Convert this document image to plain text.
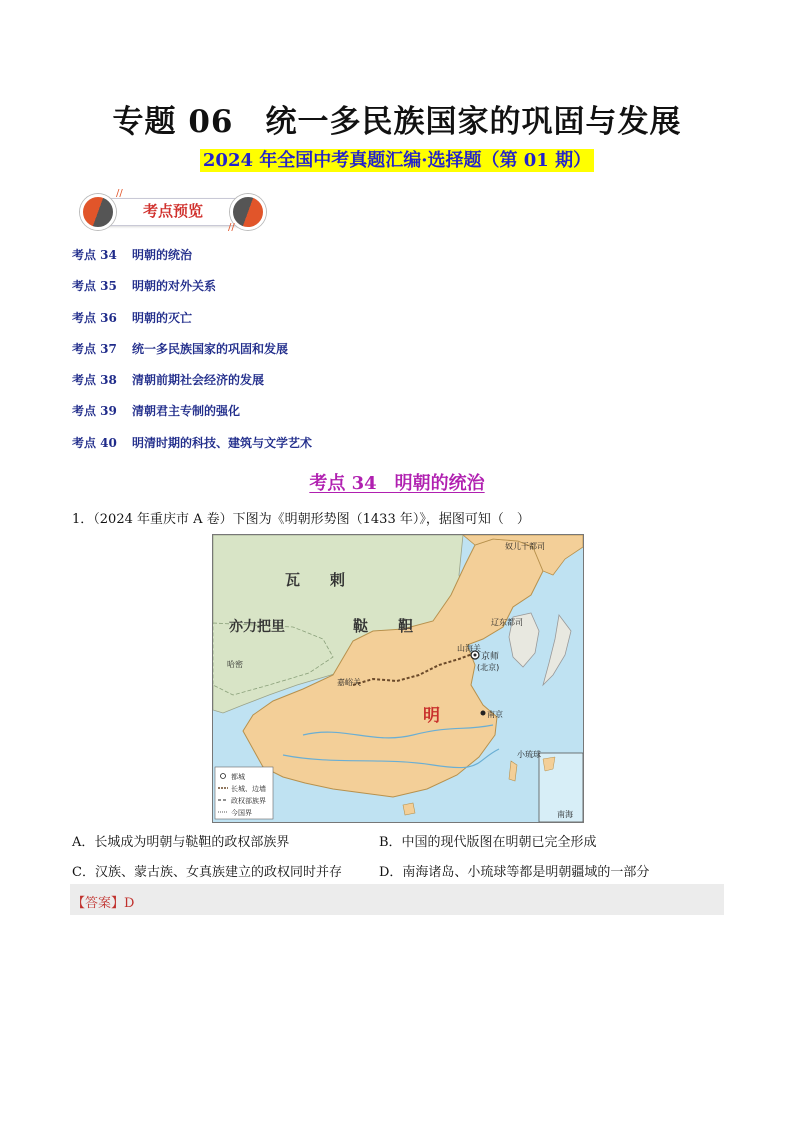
专题 06　统一多民族国家的巩固与发展
2024 年全国中考真题汇编·选择题（第 01 期）
//
//
考点预览
考点 34 明朝的统治
考点 35 明朝的对外关系
考点 36 明朝的灭亡
考点 37 统一多民族国家的巩固和发展
考点 38 清朝前期社会经济的发展
考点 39 清朝君主专制的强化
考点 40 明清时期的科技、建筑与文学艺术
考点 34　明朝的统治
1．（2024 年重庆市 A 卷）下图为《明朝形势图（1433 年）》，据图可知（　）
瓦　　剌
鞑　　靼
亦力把里
明
奴儿干都司
辽东都司
山海关
京师
(北京)
嘉峪关
南京
小琉球
哈密
南海
都城
长城、边墙
政权部族界
今国界
A．长城成为明朝与鞑靼的政权部族界	B．中国的现代版图在明朝已完全形成
C．汉族、蒙古族、女真族建立的政权同时并存	D．南海诸岛、小琉球等都是明朝疆域的一部分
【答案】D
